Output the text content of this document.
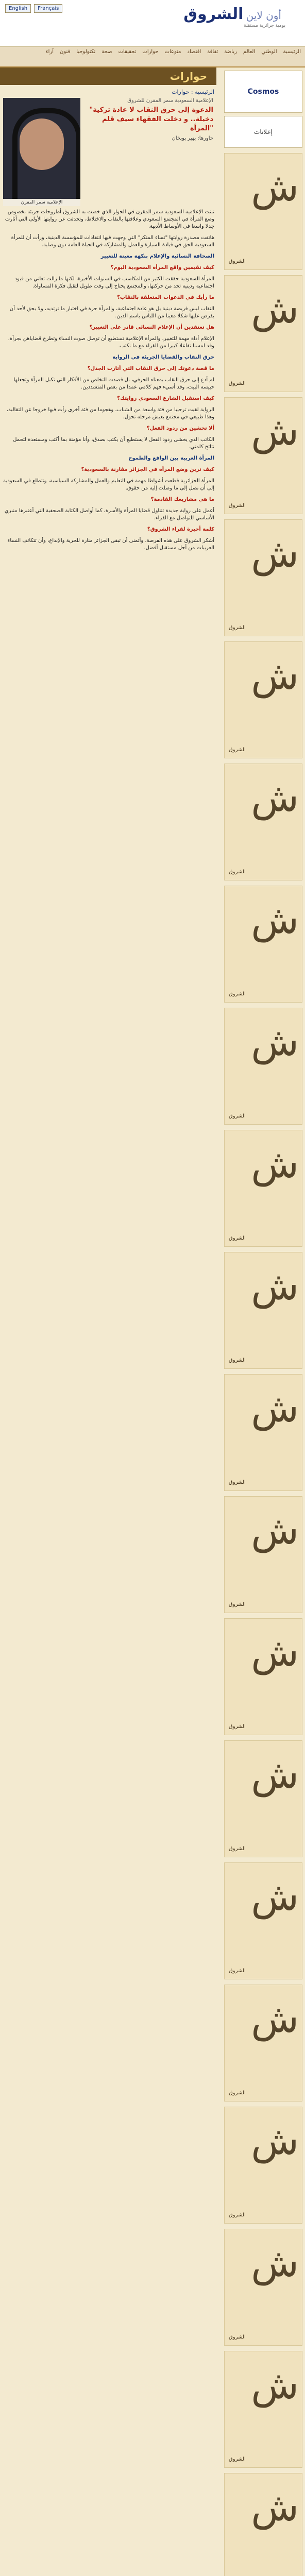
English	Français
أون لاين الشروق
يومية جزائرية مستقلة
الرئيسية
الوطني
العالم
رياضة
ثقافة
اقتصاد
منوعات
حوارات
تحقيقات
صحة
تكنولوجيا
فنون
آراء
حوارات
الرئيسية : حوارات
الإعلامية سمر المقرن
الإعلامية السعودية سمر المقرن للشروق
"الدعوة إلى حرق النقاب لا عادة تركية دخيلة.. و دخلت الفقهاء سيف قلم المرأة"
حاورها: بهير بوبخان

تبنت الإعلامية السعودية سمر المقرن في الحوار الذي خصت به الشروق أطروحات جريئة بخصوص وضع المرأة في المجتمع السعودي وعلاقتها بالنقاب والاختلاط، وتحدثت عن روايتها الأولى التي أثارت جدلا واسعا في الأوساط الأدبية.

هاتفت مصدرة روايتها "نساء المنكر" التي وجهت فيها انتقادات للمؤسسة الدينية، ورأت أن للمرأة السعودية الحق في قيادة السيارة والعمل والمشاركة في الحياة العامة دون وصاية.

الصحافة النسائية والإعلام بنكهة معينة للتغيير

كيف تقيمين واقع المرأة السعودية اليوم؟

المرأة السعودية حققت الكثير من المكاسب في السنوات الأخيرة، لكنها ما زالت تعاني من قيود اجتماعية ودينية تحد من حركتها، والمجتمع يحتاج إلى وقت طويل لتقبل فكرة المساواة.

ما رأيك في الدعوات المتعلقة بالنقاب؟

النقاب ليس فريضة دينية بل هو عادة اجتماعية، والمرأة حرة في اختيار ما ترتديه، ولا يحق لأحد أن يفرض عليها شكلا معينا من اللباس باسم الدين.

هل تعتقدين أن الإعلام النسائي قادر على التغيير؟

الإعلام أداة مهمة للتغيير، والمرأة الإعلامية تستطيع أن توصل صوت النساء وتطرح قضاياهن بجرأة، وقد لمسنا تفاعلا كبيرا من القراء مع ما نكتب.

حرق النقاب والقضايا الجريئة في الرواية

ما قصة دعوتك إلى حرق النقاب التي أثارت الجدل؟

لم أدع إلى حرق النقاب بمعناه الحرفي، بل قصدت التخلص من الأفكار التي تكبل المرأة وتجعلها حبيسة البيت، وقد أسيء فهم كلامي عمدا من بعض المتشددين.

كيف استقبل الشارع السعودي روايتك؟

الرواية لقيت ترحيبا من فئة واسعة من الشباب، وهجوما من فئة أخرى رأت فيها خروجا عن التقاليد، وهذا طبيعي في مجتمع يعيش مرحلة تحول.

ألا تخشين من ردود الفعل؟

الكاتب الذي يخشى ردود الفعل لا يستطيع أن يكتب بصدق، وأنا مؤمنة بما أكتب ومستعدة لتحمل نتائج كلمتي.

المرأة العربية بين الواقع والطموح

كيف ترين وضع المرأة في الجزائر مقارنة بالسعودية؟

المرأة الجزائرية قطعت أشواطا مهمة في التعليم والعمل والمشاركة السياسية، ونتطلع في السعودية إلى أن نصل إلى ما وصلت إليه من حقوق.

ما هي مشاريعك القادمة؟

أعمل على رواية جديدة تتناول قضايا المرأة والأسرة، كما أواصل الكتابة الصحفية التي أعتبرها منبري الأساسي للتواصل مع القراء.

كلمة أخيرة لقراء الشروق؟

أشكر الشروق على هذه الفرصة، وأتمنى أن تبقى الجزائر منارة للحرية والإبداع، وأن تتكاتف النساء العربيات من أجل مستقبل أفضل.

Cosmos
إعلانات
ش
الشروق
ش
الشروق
ش
الشروق
ش
الشروق
ش
الشروق
ش
الشروق
ش
الشروق
ش
الشروق
ش
الشروق
ش
الشروق
ش
الشروق
ش
الشروق
ش
الشروق
ش
الشروق
ش
الشروق
ش
الشروق
ش
الشروق
ش
الشروق
ش
الشروق
ش
